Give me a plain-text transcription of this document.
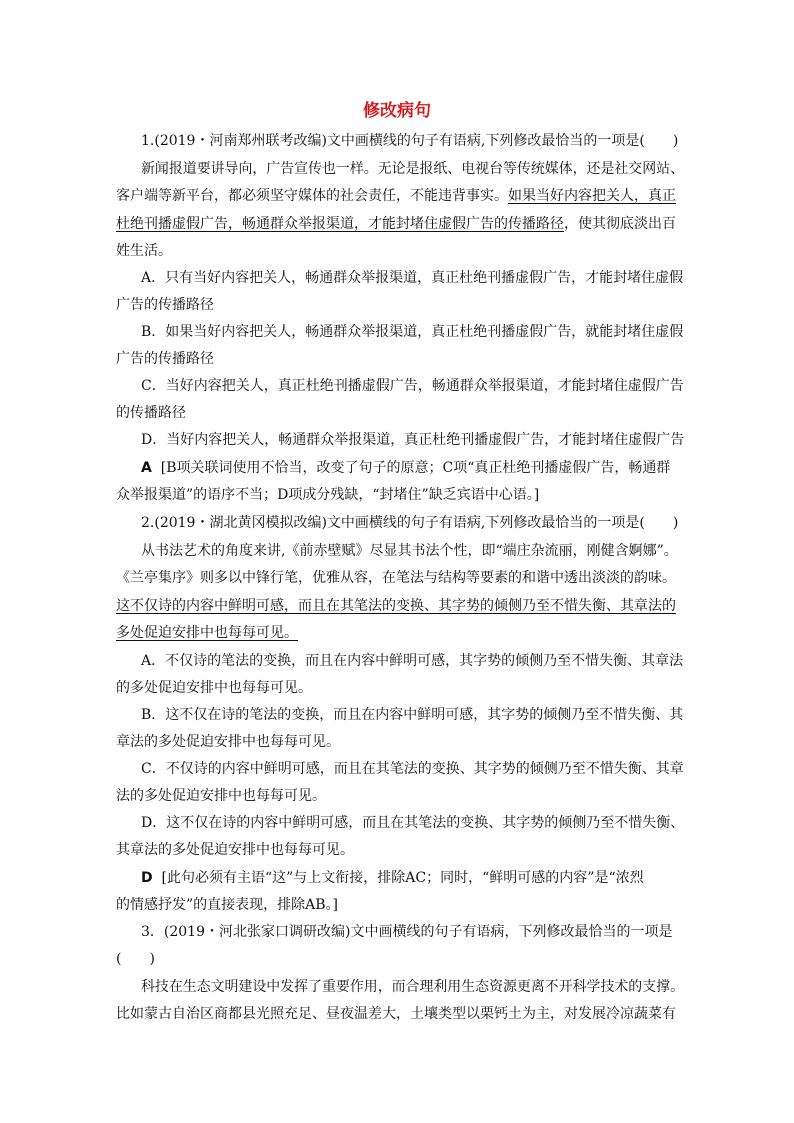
修改病句
1.(2019・河南郑州联考改编)文中画横线的句子有语病,下列修改最恰当的一项是(　　)
新闻报道要讲导向，广告宣传也一样。无论是报纸、电视台等传统媒体，还是社交网站、
客户端等新平台，都必须坚守媒体的社会责任，不能违背事实。如果当好内容把关人，真正
杜绝刊播虚假广告，畅通群众举报渠道，才能封堵住虚假广告的传播路径，使其彻底淡出百
姓生活。
A．只有当好内容把关人，畅通群众举报渠道，真正杜绝刊播虚假广告，才能封堵住虚假
广告的传播路径
B．如果当好内容把关人，畅通群众举报渠道，真正杜绝刊播虚假广告，就能封堵住虚假
广告的传播路径
C．当好内容把关人，真正杜绝刊播虚假广告，畅通群众举报渠道，才能封堵住虚假广告
的传播路径
D．当好内容把关人，畅通群众举报渠道，真正杜绝刊播虚假广告，才能封堵住虚假广告
A [B项关联词使用不恰当，改变了句子的原意；C项“真正杜绝刊播虚假广告，畅通群
众举报渠道”的语序不当；D项成分残缺，“封堵住”缺乏宾语中心语。]
2.(2019・湖北黄冈模拟改编)文中画横线的句子有语病,下列修改最恰当的一项是(　　)
从书法艺术的角度来讲,《前赤壁赋》尽显其书法个性，即“端庄杂流丽，刚健含婀娜”。
《兰亭集序》则多以中锋行笔，优雅从容，在笔法与结构等要素的和谐中透出淡淡的韵味。
这不仅诗的内容中鲜明可感，而且在其笔法的变换、其字势的倾侧乃至不惜失衡、其章法的
多处促迫安排中也每每可见。
A．不仅诗的笔法的变换，而且在内容中鲜明可感，其字势的倾侧乃至不惜失衡、其章法
的多处促迫安排中也每每可见。
B．这不仅在诗的笔法的变换，而且在内容中鲜明可感，其字势的倾侧乃至不惜失衡、其
章法的多处促迫安排中也每每可见。
C．不仅诗的内容中鲜明可感，而且在其笔法的变换、其字势的倾侧乃至不惜失衡、其章
法的多处促迫安排中也每每可见。
D．这不仅在诗的内容中鲜明可感，而且在其笔法的变换、其字势的倾侧乃至不惜失衡、
其章法的多处促迫安排中也每每可见。
D [此句必须有主语“这”与上文衔接，排除AC；同时，“鲜明可感的内容”是“浓烈
的情感抒发”的直接表现，排除AB。]
3．(2019・河北张家口调研改编)文中画横线的句子有语病，下列修改最恰当的一项是
(　　)
科技在生态文明建设中发挥了重要作用，而合理利用生态资源更离不开科学技术的支撑。
比如蒙古自治区商都县光照充足、昼夜温差大，土壤类型以栗钙土为主，对发展冷凉蔬菜有
